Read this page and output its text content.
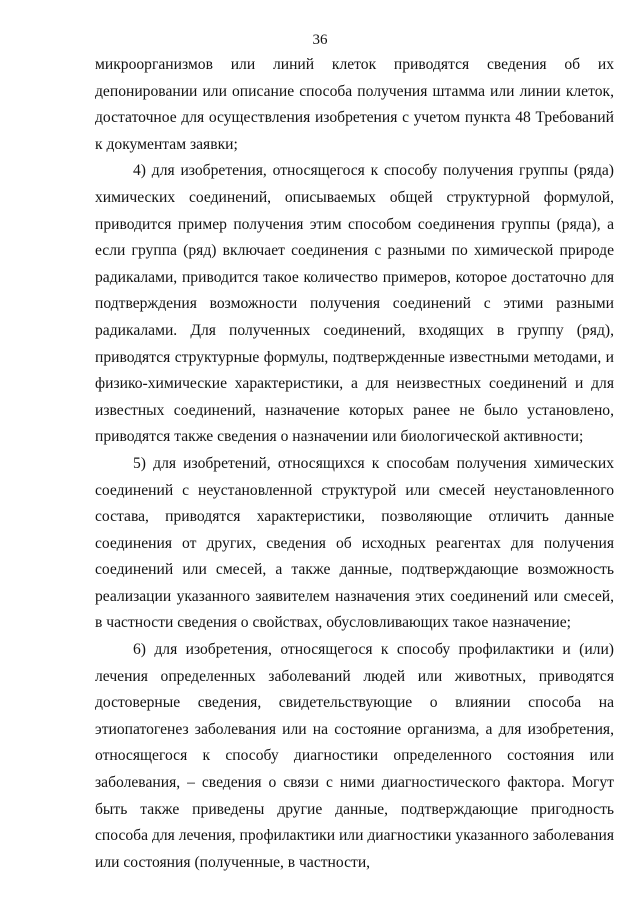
36

микроорганизмов или линий клеток приводятся сведения об их депонировании или описание способа получения штамма или линии клеток, достаточное для осуществления изобретения с учетом пункта 48 Требований к документам заявки;

4) для изобретения, относящегося к способу получения группы (ряда) химических соединений, описываемых общей структурной формулой, приводится пример получения этим способом соединения группы (ряда), а если группа (ряд) включает соединения с разными по химической природе радикалами, приводится такое количество примеров, которое достаточно для подтверждения возможности получения соединений с этими разными радикалами. Для полученных соединений, входящих в группу (ряд), приводятся структурные формулы, подтвержденные известными методами, и физико-химические характеристики, а для неизвестных соединений и для известных соединений, назначение которых ранее не было установлено, приводятся также сведения о назначении или биологической активности;

5) для изобретений, относящихся к способам получения химических соединений с неустановленной структурой или смесей неустановленного состава, приводятся характеристики, позволяющие отличить данные соединения от других, сведения об исходных реагентах для получения соединений или смесей, а также данные, подтверждающие возможность реализации указанного заявителем назначения этих соединений или смесей, в частности сведения о свойствах, обусловливающих такое назначение;

6) для изобретения, относящегося к способу профилактики и (или) лечения определенных заболеваний людей или животных, приводятся достоверные сведения, свидетельствующие о влиянии способа на этиопатогенез заболевания или на состояние организма, а для изобретения, относящегося к способу диагностики определенного состояния или заболевания, – сведения о связи с ними диагностического фактора. Могут быть также приведены другие данные, подтверждающие пригодность способа для лечения, профилактики или диагностики указанного заболевания или состояния (полученные, в частности,
